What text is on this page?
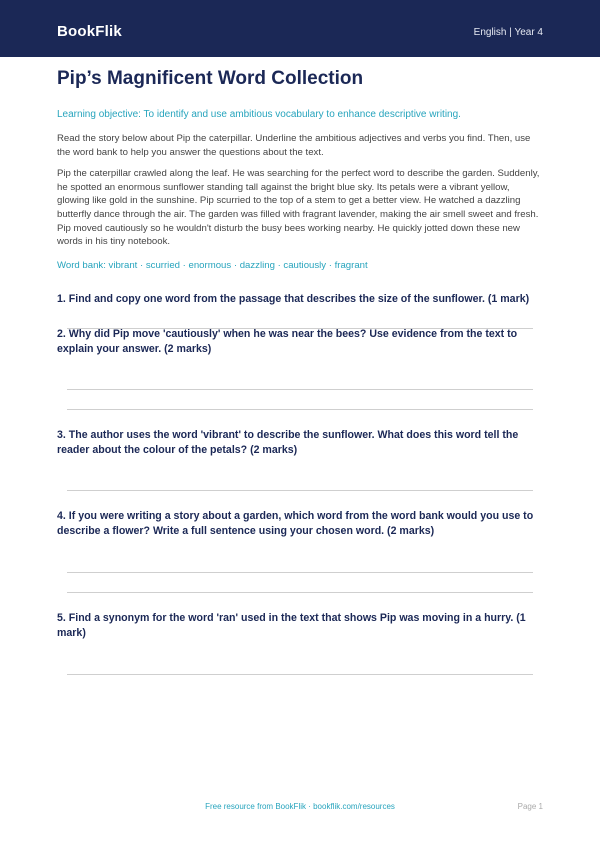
BookFlik	English | Year 4
Pip’s Magnificent Word Collection

Learning objective: To identify and use ambitious vocabulary to enhance descriptive writing.

Read the story below about Pip the caterpillar. Underline the ambitious adjectives and verbs you find. Then, use the word bank to help you answer the questions about the text.

Pip the caterpillar crawled along the leaf. He was searching for the perfect word to describe the garden. Suddenly, he spotted an enormous sunflower standing tall against the bright blue sky. Its petals were a vibrant yellow, glowing like gold in the sunshine. Pip scurried to the top of a stem to get a better view. He watched a dazzling butterfly dance through the air. The garden was filled with fragrant lavender, making the air smell sweet and fresh. Pip moved cautiously so he wouldn't disturb the busy bees working nearby. He quickly jotted down these new words in his tiny notebook.

Word bank: vibrant · scurried · enormous · dazzling · cautiously · fragrant

1. Find and copy one word from the passage that describes the size of the sunflower. (1 mark)

2. Why did Pip move 'cautiously' when he was near the bees? Use evidence from the text to explain your answer. (2 marks)

3. The author uses the word 'vibrant' to describe the sunflower. What does this word tell the reader about the colour of the petals? (2 marks)

4. If you were writing a story about a garden, which word from the word bank would you use to describe a flower? Write a full sentence using your chosen word. (2 marks)

5. Find a synonym for the word 'ran' used in the text that shows Pip was moving in a hurry. (1 mark)

Free resource from BookFlik · bookflik.com/resources	Page 1
